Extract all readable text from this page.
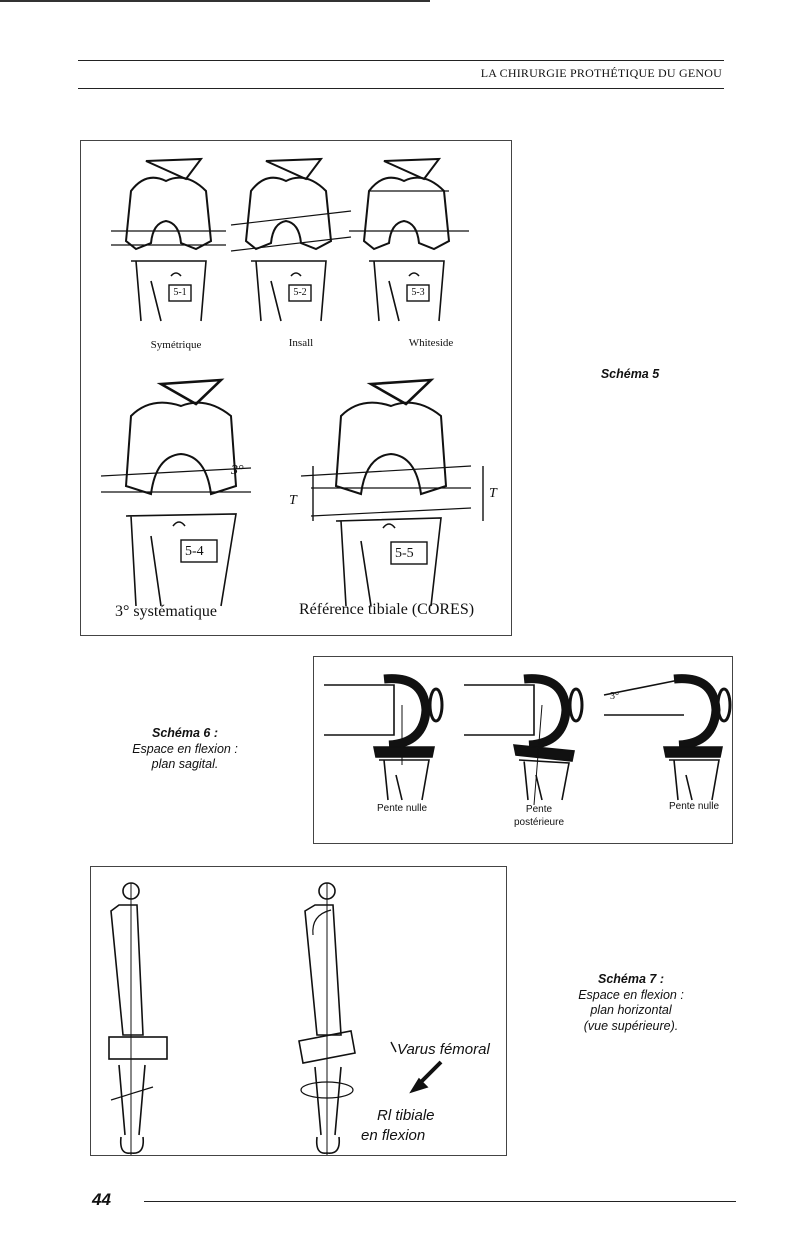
LA CHIRURGIE PROTHÉTIQUE DU GENOU
5-1	5-2	5-3
5-4	5-5
3°
T	T
Symétrique	Insall	Whiteside
3° systématique	Référence tibiale (CORES)
Schéma 5
Schéma 6 :
Espace en flexion :
plan sagital.
3°
Pente nulle	Pente
postérieure
Pente nulle
Varus fémoral
Rl tibiale
en flexion
Schéma 7 :
Espace en flexion :
plan horizontal
(vue supérieure).
44
